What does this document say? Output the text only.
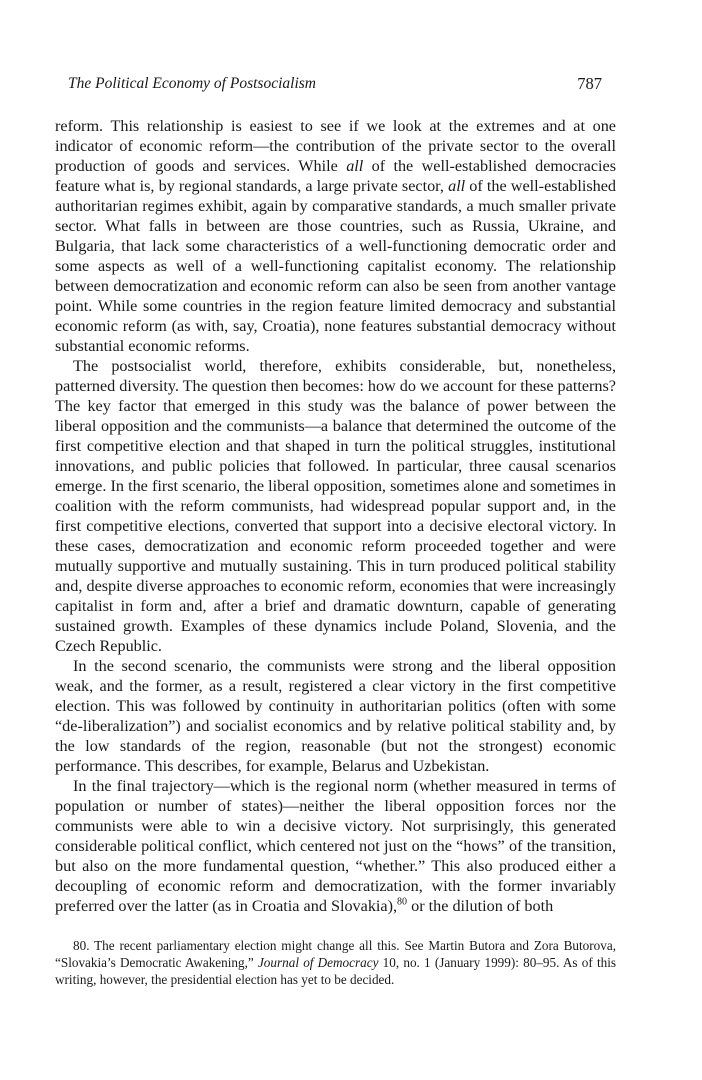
The Political Economy of Postsocialism	787

reform. This relationship is easiest to see if we look at the extremes and at one indicator of economic reform—the contribution of the private sector to the overall production of goods and services. While all of the well-established democracies feature what is, by regional standards, a large private sector, all of the well-established authoritarian regimes exhibit, again by comparative standards, a much smaller private sector. What falls in between are those countries, such as Russia, Ukraine, and Bulgaria, that lack some characteristics of a well-functioning democratic order and some aspects as well of a well-functioning capitalist economy. The relationship between democratization and economic reform can also be seen from another vantage point. While some countries in the region feature limited democracy and substantial economic reform (as with, say, Croatia), none features substantial democracy without substantial economic reforms.

The postsocialist world, therefore, exhibits considerable, but, nonetheless, patterned diversity. The question then becomes: how do we account for these patterns? The key factor that emerged in this study was the balance of power between the liberal opposition and the communists—a balance that determined the outcome of the first competitive election and that shaped in turn the political struggles, institutional innovations, and public policies that followed. In particular, three causal scenarios emerge. In the first scenario, the liberal opposition, sometimes alone and sometimes in coalition with the reform communists, had widespread popular support and, in the first competitive elections, converted that support into a decisive electoral victory. In these cases, democratization and economic reform proceeded together and were mutually supportive and mutually sustaining. This in turn produced political stability and, despite diverse approaches to economic reform, economies that were increasingly capitalist in form and, after a brief and dramatic downturn, capable of generating sustained growth. Examples of these dynamics include Poland, Slovenia, and the Czech Republic.

In the second scenario, the communists were strong and the liberal opposition weak, and the former, as a result, registered a clear victory in the first competitive election. This was followed by continuity in authoritarian politics (often with some “de-liberalization”) and socialist economics and by relative political stability and, by the low standards of the region, reasonable (but not the strongest) economic performance. This describes, for example, Belarus and Uzbekistan.

In the final trajectory—which is the regional norm (whether measured in terms of population or number of states)—neither the liberal opposition forces nor the communists were able to win a decisive victory. Not surprisingly, this generated considerable political conflict, which centered not just on the “hows” of the transition, but also on the more fundamental question, “whether.” This also produced either a decoupling of economic reform and democratization, with the former invariably preferred over the latter (as in Croatia and Slovakia),$^{80}$ or the dilution of both

80. The recent parliamentary election might change all this. See Martin Butora and Zora Butorova, “Slovakia’s Democratic Awakening,” Journal of Democracy 10, no. 1 (January 1999): 80–95. As of this writing, however, the presidential election has yet to be decided.
